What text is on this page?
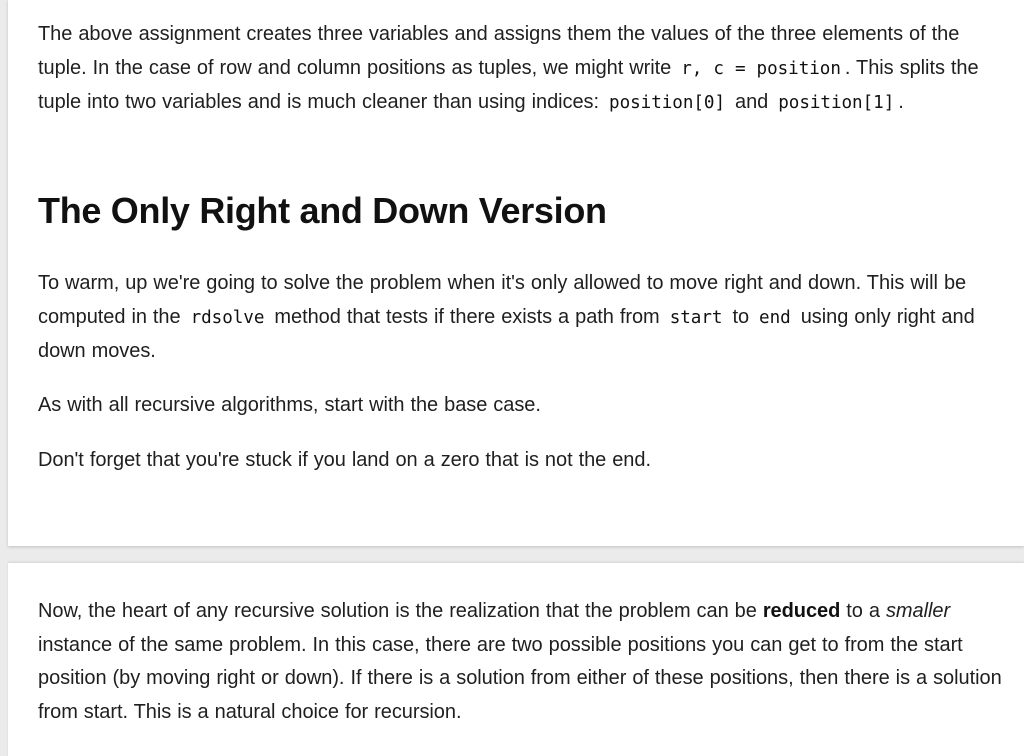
The above assignment creates three variables and assigns them the values of the three elements of the tuple. In the case of row and column positions as tuples, we might write r, c = position . This splits the tuple into two variables and is much cleaner than using indices: position[0] and position[1] .

The Only Right and Down Version

To warm, up we're going to solve the problem when it's only allowed to move right and down. This will be computed in the rdsolve method that tests if there exists a path from start to end using only right and down moves.

As with all recursive algorithms, start with the base case.

Don't forget that you're stuck if you land on a zero that is not the end.

Now, the heart of any recursive solution is the realization that the problem can be reduced to a smaller instance of the same problem. In this case, there are two possible positions you can get to from the start position (by moving right or down). If there is a solution from either of these positions, then there is a solution from start. This is a natural choice for recursion.
